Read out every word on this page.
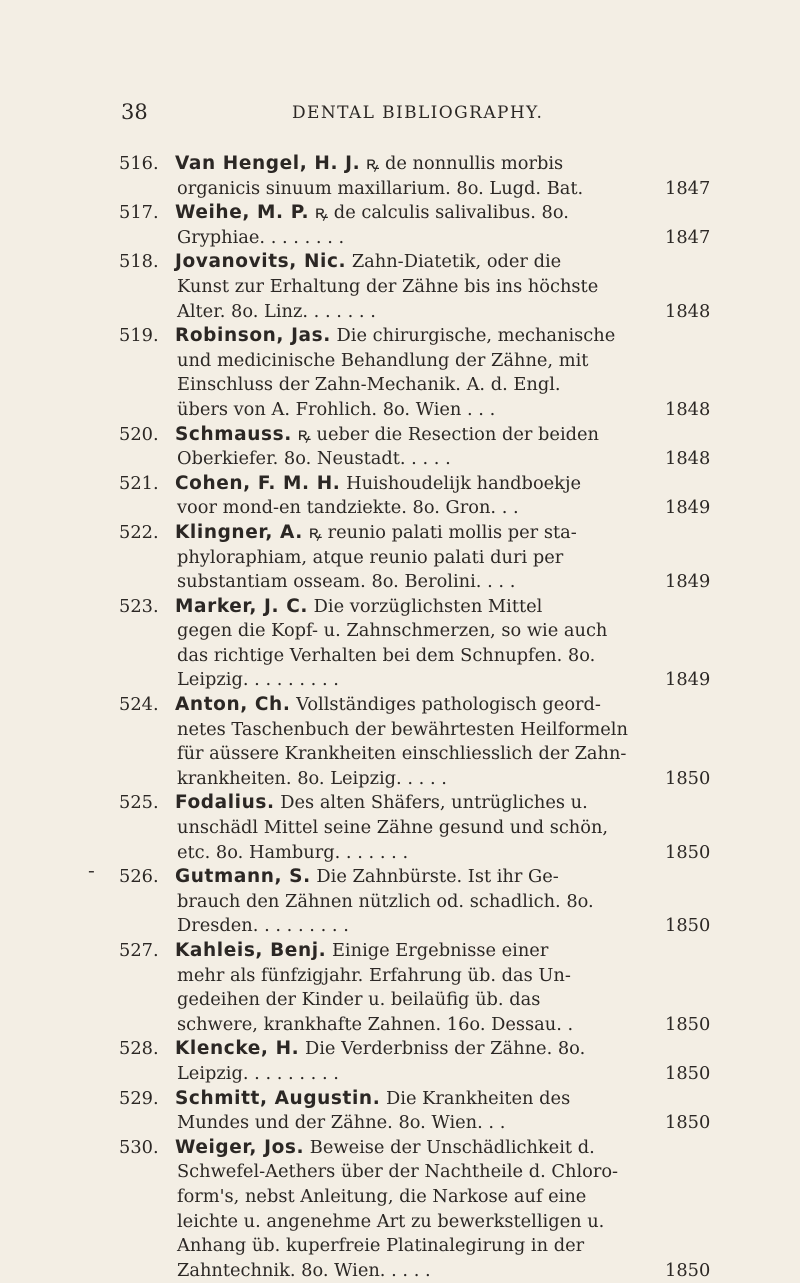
38	DENTAL BIBLIOGRAPHY.
-
516. Van Hengel, H. J. ꝶ de nonnullis morbis
organicis sinuum maxillarium. 8o. Lugd. Bat.	1847
517. Weihe, M. P. ꝶ de calculis salivalibus. 8o.
Gryphiae. . . . . . . .	1847
518. Jovanovits, Nic. Zahn-Diatetik, oder die
Kunst zur Erhaltung der Zähne bis ins höchste
Alter. 8o. Linz. . . . . . .	1848
519. Robinson, Jas. Die chirurgische, mechanische
und medicinische Behandlung der Zähne, mit
Einschluss der Zahn-Mechanik. A. d. Engl.
übers von A. Frohlich. 8o. Wien . . .	1848
520. Schmauss. ꝶ ueber die Resection der beiden
Oberkiefer. 8o. Neustadt. . . . .	1848
521. Cohen, F. M. H. Huishoudelijk handboekje
voor mond-en tandziekte. 8o. Gron. . .	1849
522. Klingner, A. ꝶ reunio palati mollis per sta-
phyloraphiam, atque reunio palati duri per
substantiam osseam. 8o. Berolini. . . .	1849
523. Marker, J. C. Die vorzüglichsten Mittel
gegen die Kopf- u. Zahnschmerzen, so wie auch
das richtige Verhalten bei dem Schnupfen. 8o.
Leipzig. . . . . . . . .	1849
524. Anton, Ch. Vollständiges pathologisch geord-
netes Taschenbuch der bewährtesten Heilformeln
für aüssere Krankheiten einschliesslich der Zahn-
krankheiten. 8o. Leipzig. . . . .	1850
525. Fodalius. Des alten Shäfers, untrügliches u.
unschädl Mittel seine Zähne gesund und schön,
etc. 8o. Hamburg. . . . . . .	1850
526. Gutmann, S. Die Zahnbürste. Ist ihr Ge-
brauch den Zähnen nützlich od. schadlich. 8o.
Dresden. . . . . . . . .	1850
527. Kahleis, Benj. Einige Ergebnisse einer
mehr als fünfzigjahr. Erfahrung üb. das Un-
gedeihen der Kinder u. beilaüfig üb. das
schwere, krankhafte Zahnen. 16o. Dessau. .	1850
528. Klencke, H. Die Verderbniss der Zähne. 8o.
Leipzig. . . . . . . . .	1850
529. Schmitt, Augustin. Die Krankheiten des
Mundes und der Zähne. 8o. Wien. . .	1850
530. Weiger, Jos. Beweise der Unschädlichkeit d.
Schwefel-Aethers über der Nachtheile d. Chloro-
form's, nebst Anleitung, die Narkose auf eine
leichte u. angenehme Art zu bewerkstelligen u.
Anhang üb. kuperfreie Platinalegirung in der
Zahntechnik. 8o. Wien. . . . .	1850
